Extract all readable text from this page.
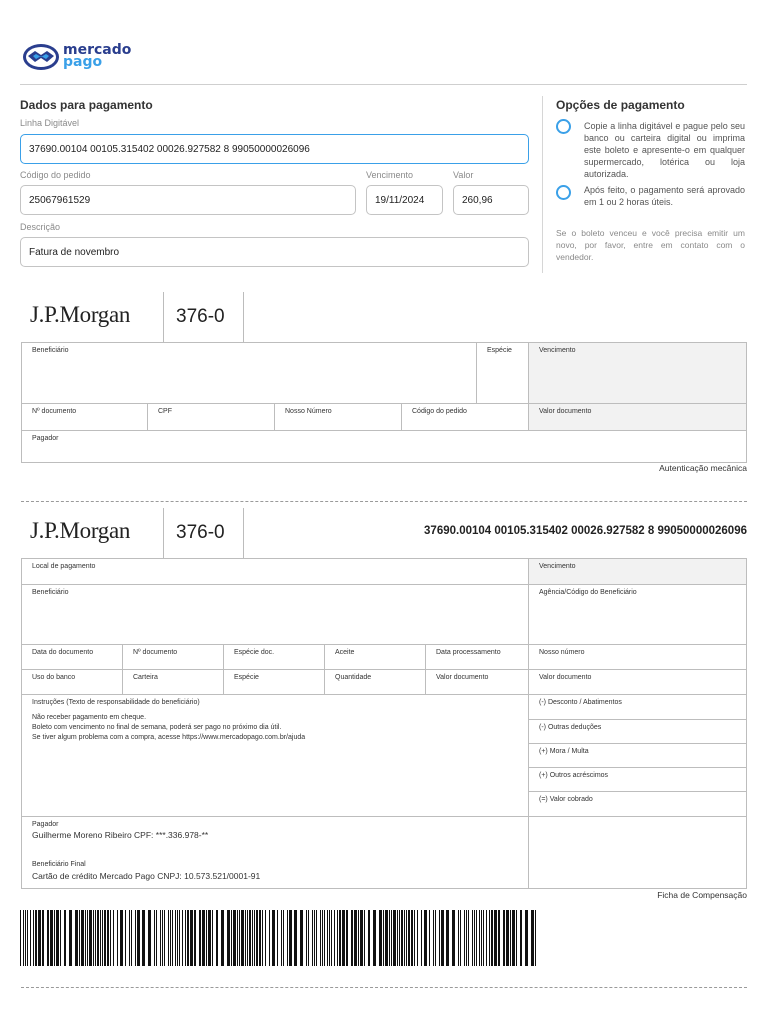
mercado
pago
Dados para pagamento
Linha Digitável
37690.00104 00105.315402 00026.927582 8 99050000026096
Código do pedido
25067961529
Vencimento
19/11/2024
Valor
260,96
Descrição
Fatura de novembro
Opções de pagamento
Copie a linha digitável e pague pelo seu banco ou carteira digital ou imprima este boleto e apresente-o em qualquer supermercado, lotérica ou loja autorizada.
Após feito, o pagamento será aprovado em 1 ou 2 horas úteis.
Se o boleto venceu e você precisa emitir um novo, por favor, entre em contato com o vendedor.
J.P.Morgan 376-0
Beneficiário	Espécie	Vencimento
Nº documento	CPF	Nosso Número	Código do pedido	Valor documento
Pagador
Autenticação mecânica
J.P.Morgan 376-0	37690.00104 00105.315402 00026.927582 8 99050000026096
Local de pagamento	Vencimento
Beneficiário	Agência/Código do Beneficiário
Data do documento	Nº documento	Espécie doc.	Aceite	Data processamento	Nosso número
Uso do banco	Carteira	Espécie	Quantidade	Valor documento	Valor documento
Instruções (Texto de responsabilidade do beneficiário)
Não receber pagamento em cheque.
Boleto com vencimento no final de semana, poderá ser pago no próximo dia útil.
Se tiver algum problema com a compra, acesse https://www.mercadopago.com.br/ajuda
(-) Desconto / Abatimentos
(-) Outras deduções
(+) Mora / Multa
(+) Outros acréscimos
(=) Valor cobrado
Pagador
Guilherme Moreno Ribeiro CPF: ***.336.978-**
Beneficiário Final
Cartão de crédito Mercado Pago CNPJ: 10.573.521/0001-91
Ficha de Compensação
